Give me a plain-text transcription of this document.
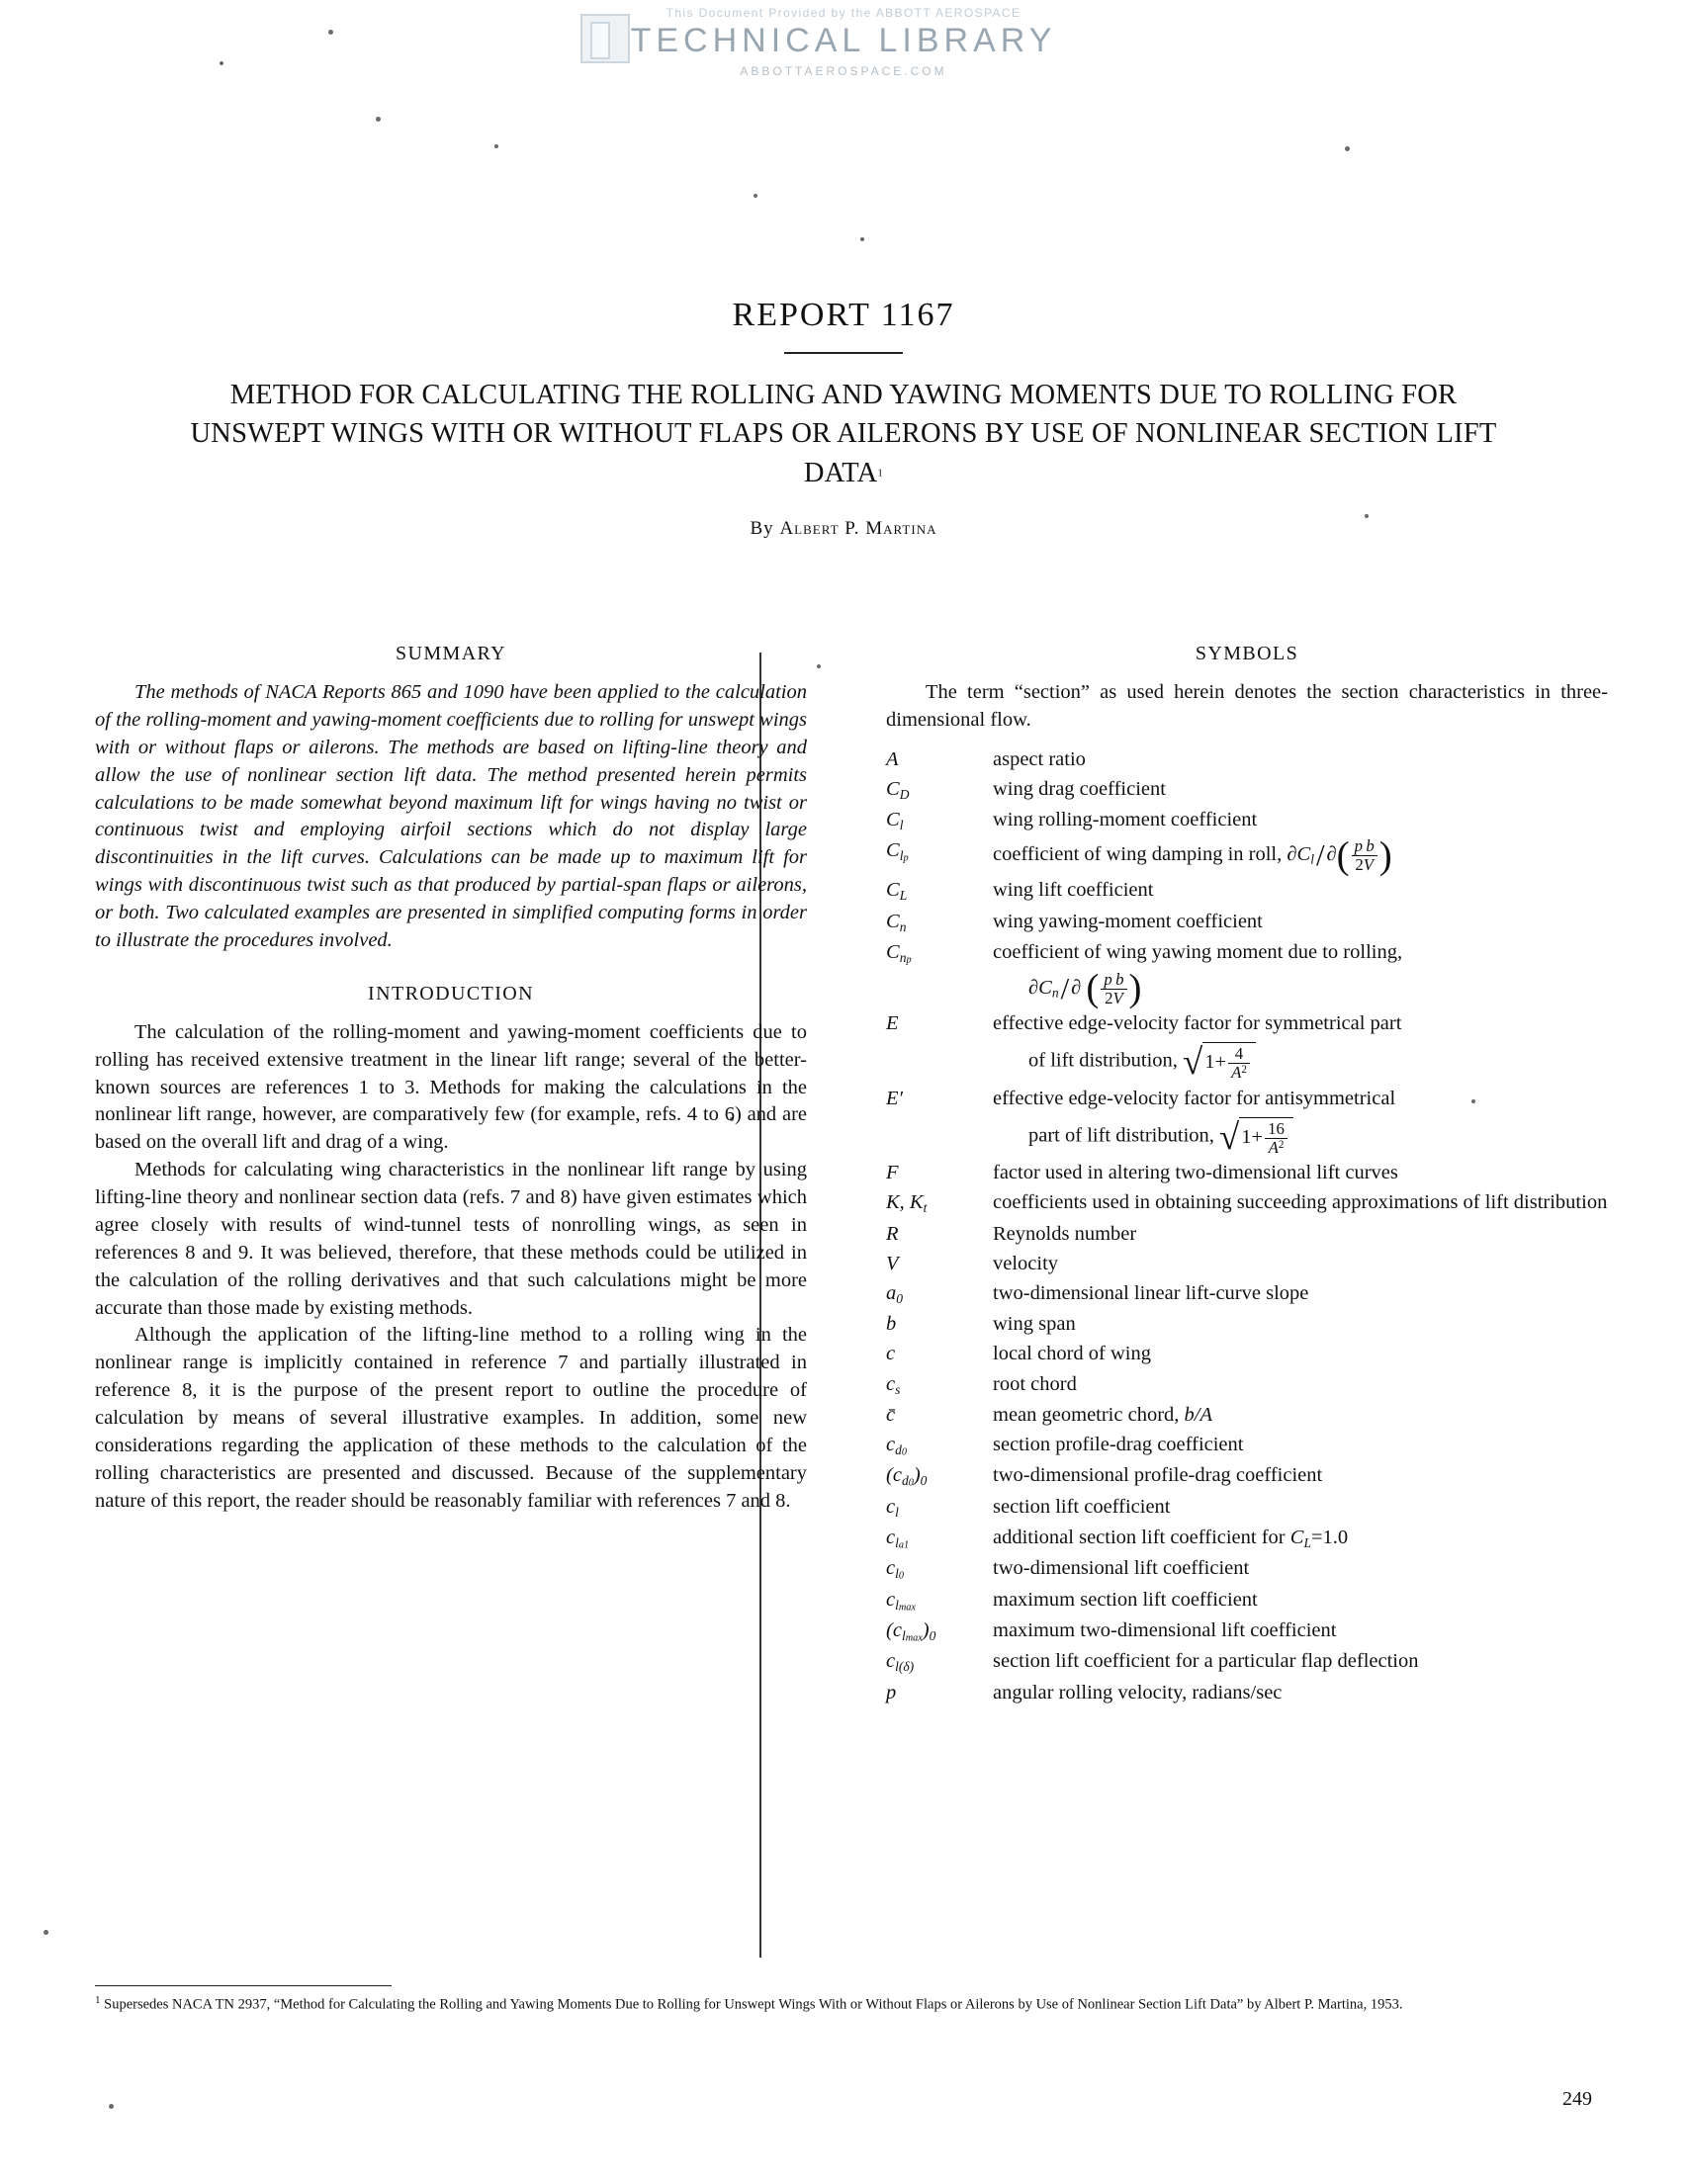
This Document Provided by the ABBOTT AEROSPACE
TECHNICAL LIBRARY
ABBOTTAEROSPACE.COM
REPORT 1167
METHOD FOR CALCULATING THE ROLLING AND YAWING MOMENTS DUE TO ROLLING FOR UNSWEPT WINGS WITH OR WITHOUT FLAPS OR AILERONS BY USE OF NONLINEAR SECTION LIFT DATA1
By Albert P. Martina
SUMMARY

The methods of NACA Reports 865 and 1090 have been applied to the calculation of the rolling-moment and yawing-moment coefficients due to rolling for unswept wings with or without flaps or ailerons. The methods are based on lifting-line theory and allow the use of nonlinear section lift data. The method presented herein permits calculations to be made somewhat beyond maximum lift for wings having no twist or continuous twist and employing airfoil sections which do not display large discontinuities in the lift curves. Calculations can be made up to maximum lift for wings with discontinuous twist such as that produced by partial-span flaps or ailerons, or both. Two calculated examples are presented in simplified computing forms in order to illustrate the procedures involved.

INTRODUCTION

The calculation of the rolling-moment and yawing-moment coefficients due to rolling has received extensive treatment in the linear lift range; several of the better-known sources are references 1 to 3. Methods for making the calculations in the nonlinear lift range, however, are comparatively few (for example, refs. 4 to 6) and are based on the overall lift and drag of a wing.

Methods for calculating wing characteristics in the nonlinear lift range by using lifting-line theory and nonlinear section data (refs. 7 and 8) have given estimates which agree closely with results of wind-tunnel tests of nonrolling wings, as seen in references 8 and 9. It was believed, therefore, that these methods could be utilized in the calculation of the rolling derivatives and that such calculations might be more accurate than those made by existing methods.

Although the application of the lifting-line method to a rolling wing in the nonlinear range is implicitly contained in reference 7 and partially illustrated in reference 8, it is the purpose of the present report to outline the procedure of calculation by means of several illustrative examples. In addition, some new considerations regarding the application of these methods to the calculation of the rolling characteristics are presented and discussed. Because of the supplementary nature of this report, the reader should be reasonably familiar with references 7 and 8.

SYMBOLS
The term “section” as used herein denotes the section characteristics in three-dimensional flow.
A	aspect ratio
$C_D$	wing drag coefficient
$C_l$	wing rolling-moment coefficient
$C_{lp}$	coefficient of wing damping in roll, $\partial C_l/\partial( \frac{\text{p b}}{2V}$ )
$C_L$	wing lift coefficient
$C_n$	wing yawing-moment coefficient
$C_{np}$	coefficient of wing yawing moment due to rolling,
$\partial C_n/\partial$ ( $\frac{\text{p b}}{2V}$ )

E	effective edge-velocity factor for symmetrical part
of lift distribution, $√1+ \frac{4}{A^2}$

E′	effective edge-velocity factor for antisymmetrical
part of lift distribution, $√1+ \frac{16}{A^2}$

F	factor used in altering two-dimensional lift curves
K, $K_t$	coefficients used in obtaining succeeding approximations of lift distribution

R	Reynolds number
V	velocity
$a_0$	two-dimensional linear lift-curve slope
b	wing span
c	local chord of wing
$c_s$	root chord
c̄	mean geometric chord, b/A
$c_{d0}$	section profile-drag coefficient
$(c_{d0})_0$	two-dimensional profile-drag coefficient
$c_l$	section lift coefficient
$c_{la1}$	additional section lift coefficient for $C_L=1.0$
$c_{l0}$	two-dimensional lift coefficient
$c_{lmax}$	maximum section lift coefficient
$(c_{lmax})_0$	maximum two-dimensional lift coefficient
$c_{l(\delta)}$	section lift coefficient for a particular flap deflection
p	angular rolling velocity, radians/sec
$^1$ Supersedes NACA TN 2937, “Method for Calculating the Rolling and Yawing Moments Due to Rolling for Unswept Wings With or Without Flaps or Ailerons by Use of Nonlinear Section Lift Data” by Albert P. Martina, 1953.
249
